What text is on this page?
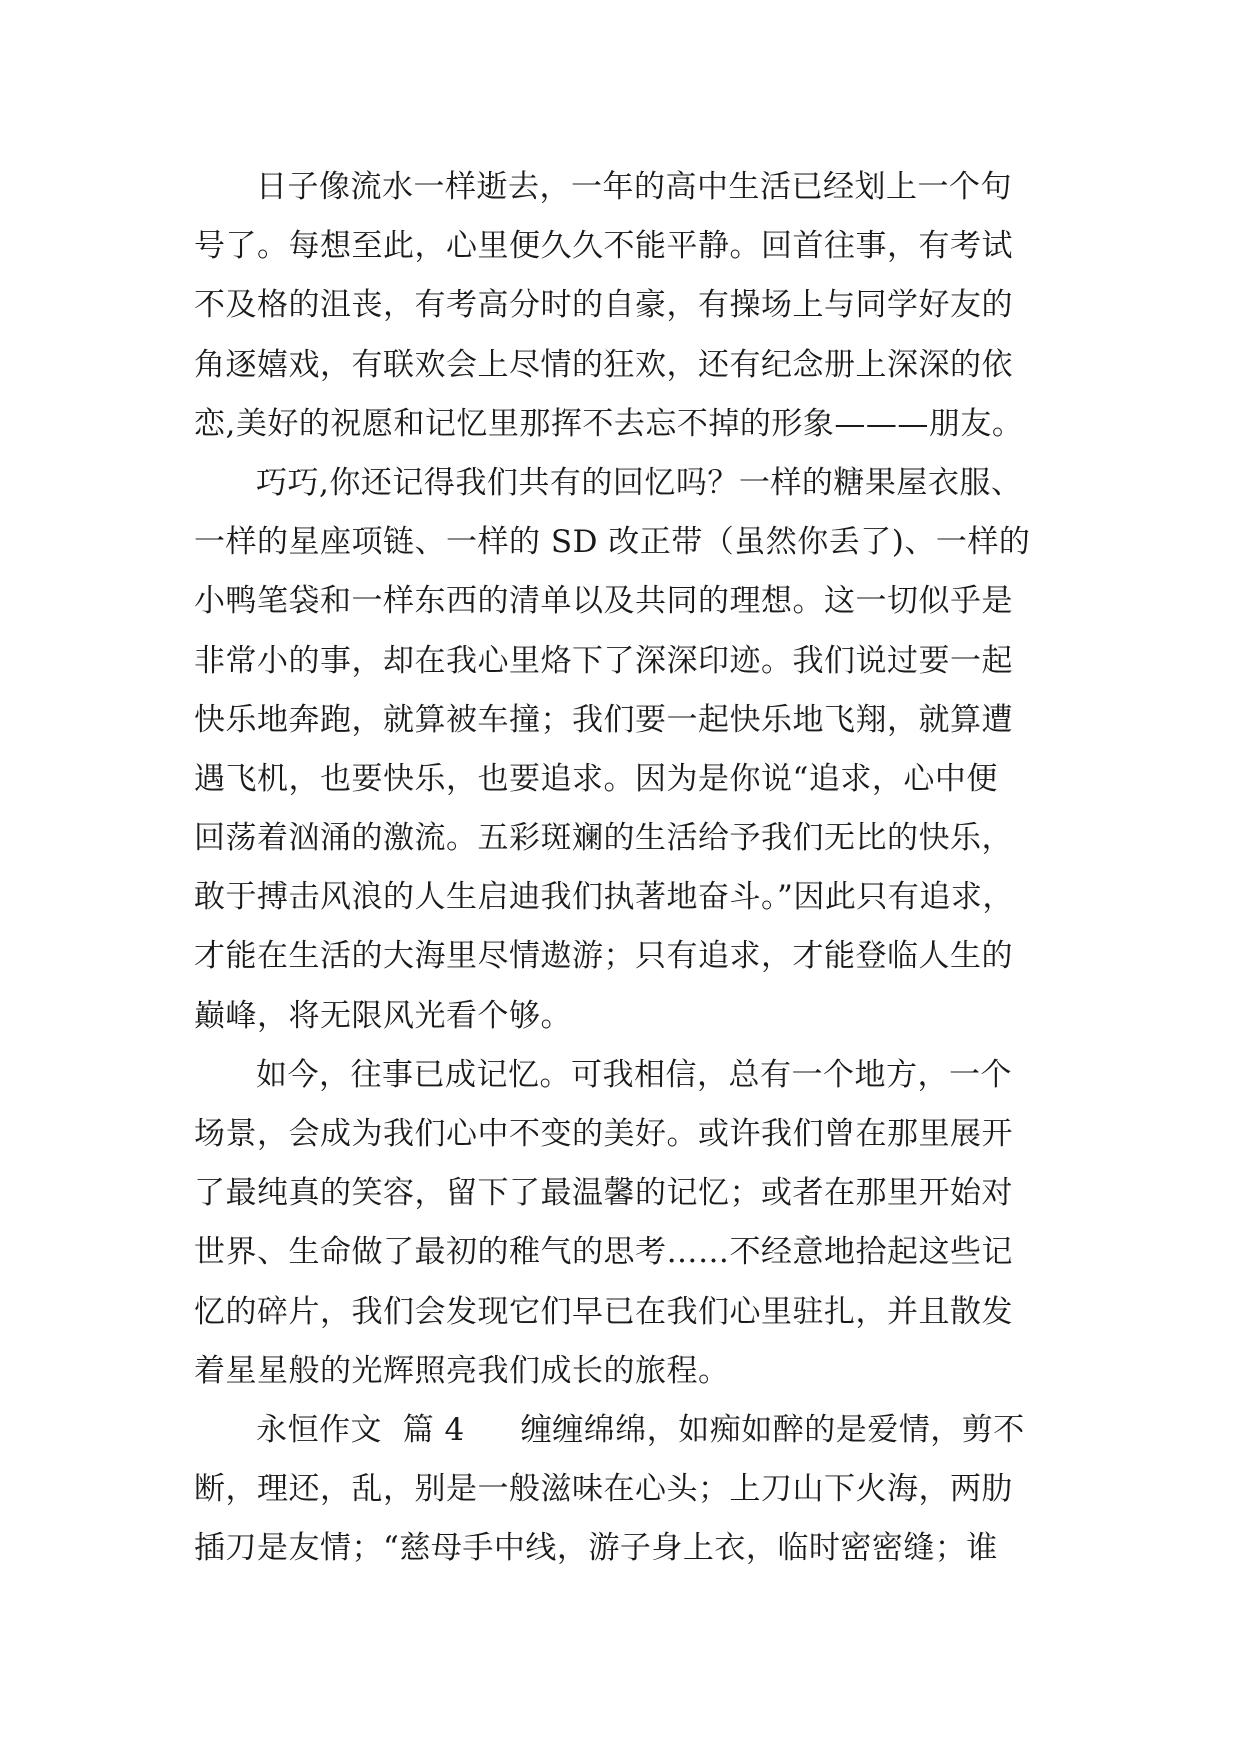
日子像流水一样逝去，一年的高中生活已经划上一个句
号了。每想至此，心里便久久不能平静。回首往事，有考试
不及格的沮丧，有考高分时的自豪，有操场上与同学好友的
角逐嬉戏，有联欢会上尽情的狂欢，还有纪念册上深深的依
恋,美好的祝愿和记忆里那挥不去忘不掉的形象———朋友。
巧巧,你还记得我们共有的回忆吗？一样的糖果屋衣服、
一样的星座项链、一样的 SD 改正带（虽然你丢了)、一样的
小鸭笔袋和一样东西的清单以及共同的理想。这一切似乎是
非常小的事，却在我心里烙下了深深印迹。我们说过要一起
快乐地奔跑，就算被车撞；我们要一起快乐地飞翔，就算遭
遇飞机，也要快乐，也要追求。因为是你说“追求，心中便
回荡着汹涌的激流。五彩斑斓的生活给予我们无比的快乐，
敢于搏击风浪的人生启迪我们执著地奋斗。”因此只有追求，
才能在生活的大海里尽情遨游；只有追求，才能登临人生的
巅峰，将无限风光看个够。
如今，往事已成记忆。可我相信，总有一个地方，一个
场景，会成为我们心中不变的美好。或许我们曾在那里展开
了最纯真的笑容，留下了最温馨的记忆；或者在那里开始对
世界、生命做了最初的稚气的思考……不经意地拾起这些记
忆的碎片，我们会发现它们早已在我们心里驻扎，并且散发
着星星般的光辉照亮我们成长的旅程。
永恒作文  篇 4 缠缠绵绵，如痴如醉的是爱情，剪不
断，理还，乱，别是一般滋味在心头；上刀山下火海，两肋
插刀是友情；“慈母手中线，游子身上衣，临时密密缝；谁
